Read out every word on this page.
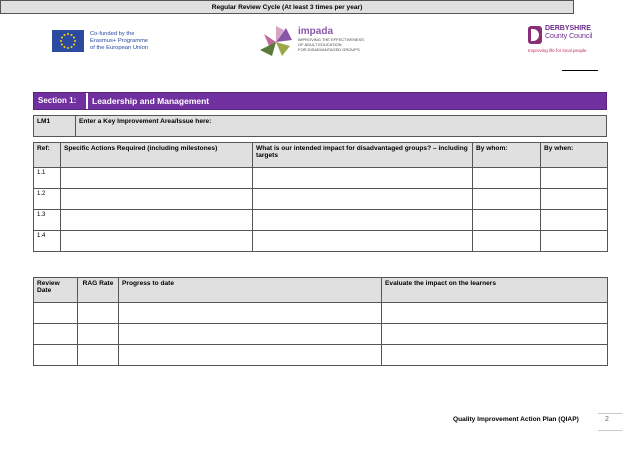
Co-funded by the
Erasmus+ Programme
of the European Union
impada
IMPROVING THE EFFECTIVENESS
OF ADULT EDUCATION
FOR DISADVANTAGED GROUPS
DERBYSHIRE
County Council
Improving life for local people
Section 1:	Leadership and Management
LM1	Enter a Key Improvement Area/Issue here:
Ref:	Specific Actions Required (including milestones)	What is our intended impact for disadvantaged groups? – including targets	By whom:	By when:
1.1				
1.2				
1.3				
1.4				
Regular Review Cycle (At least 3 times per year)
Review Date	RAG Rate	Progress to date	Evaluate the impact on the learners

Quality Improvement Action Plan (QIAP)	2
